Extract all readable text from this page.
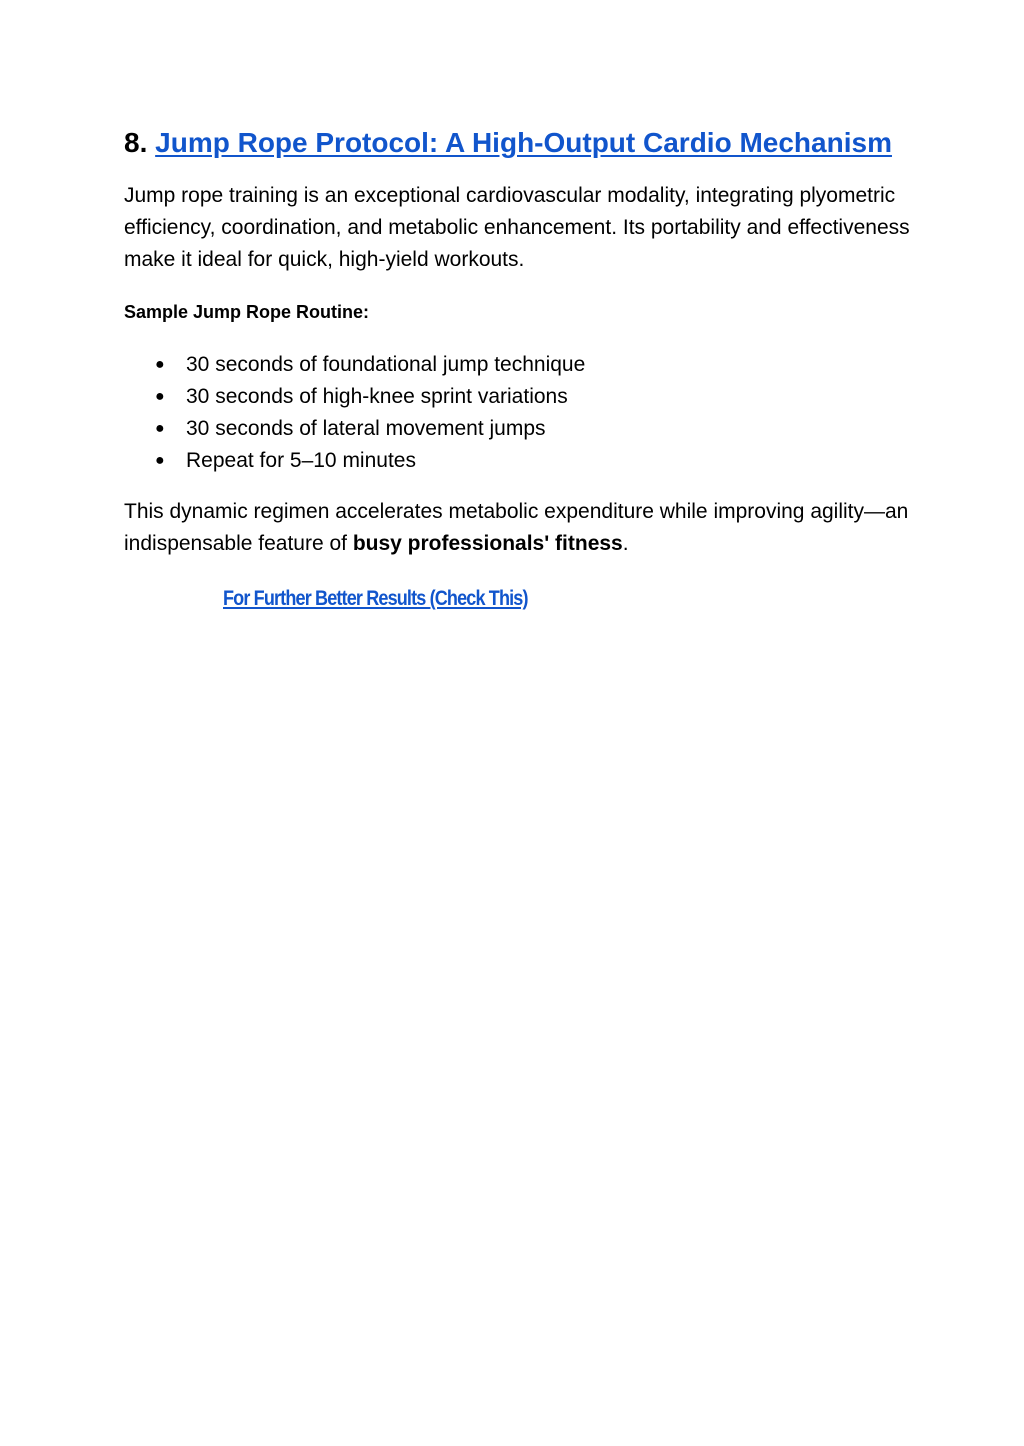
8. Jump Rope Protocol: A High-Output Cardio Mechanism

Jump rope training is an exceptional cardiovascular modality, integrating plyometric efficiency, coordination, and metabolic enhancement. Its portability and effectiveness make it ideal for quick, high-yield workouts.

Sample Jump Rope Routine:

● 30 seconds of foundational jump technique
● 30 seconds of high-knee sprint variations
● 30 seconds of lateral movement jumps
● Repeat for 5–10 minutes

This dynamic regimen accelerates metabolic expenditure while improving agility—an indispensable feature of busy professionals' fitness.

For Further Better Results (Check This)
